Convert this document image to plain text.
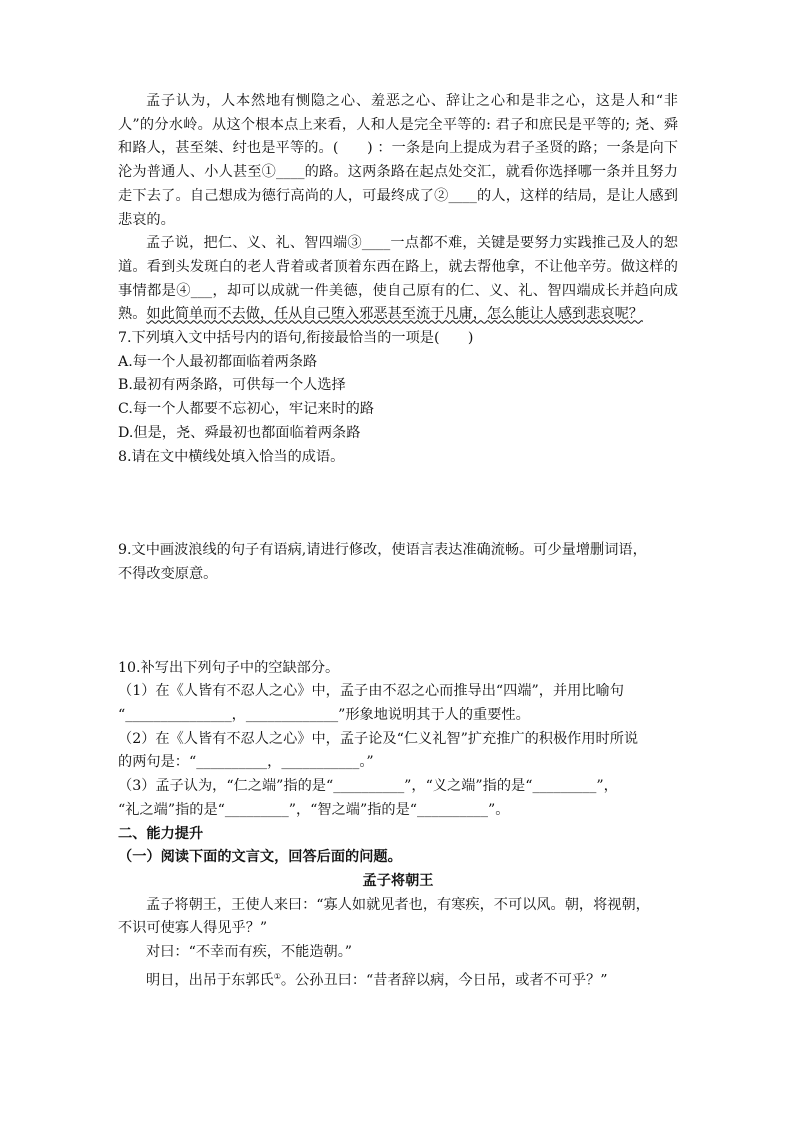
孟子认为，人本然地有恻隐之心、羞恶之心、辞让之心和是非之心，这是人和“非人”的分水岭。从这个根本点上来看，人和人是完全平等的: 君子和庶民是平等的; 尧、舜和路人，甚至桀、纣也是平等的。(　　) ：一条是向上提成为君子圣贤的路；一条是向下沦为普通人、小人甚至①____的路。这两条路在起点处交汇，就看你选择哪一条并且努力走下去了。自己想成为德行高尚的人，可最终成了②____的人，这样的结局，是让人感到悲哀的。

孟子说，把仁、义、礼、智四端③____一点都不难，关键是要努力实践推己及人的恕道。看到头发斑白的老人背着或者顶着东西在路上，就去帮他拿，不让他辛劳。做这样的事情都是④___，却可以成就一件美德，使自己原有的仁、义、礼、智四端成长并趋向成熟。如此简单而不去做，任从自己堕入邪恶甚至流于凡庸，怎么能让人感到悲哀呢？

7.下列填入文中括号内的语句,衔接最恰当的一项是(　　)

A.每一个人最初都面临着两条路

B.最初有两条路，可供每一个人选择

C.每一个人都要不忘初心，牢记来时的路

D.但是，尧、舜最初也都面临着两条路

8.请在文中横线处填入恰当的成语。

9.文中画波浪线的句子有语病,请进行修改，使语言表达准确流畅。可少量增删词语，

不得改变原意。

10.补写出下列句子中的空缺部分。

（1）在《人皆有不忍人之心》中，孟子由不忍之心而推导出“四端”，并用比喻句

“_______________，_____________”形象地说明其于人的重要性。

（2）在《人皆有不忍人之心》中，孟子论及“仁义礼智”扩充推广的积极作用时所说

的两句是：“__________，___________。”

（3）孟子认为，“仁之端”指的是“__________”，“义之端”指的是“_________”，

“礼之端”指的是“_________”，“智之端”指的是“__________”。

二、能力提升

（一）阅读下面的文言文，回答后面的问题。

孟子将朝王

孟子将朝王，王使人来曰：“寡人如就见者也，有寒疾，不可以风。朝，将视朝，

不识可使寡人得见乎？”

对曰：“不幸而有疾，不能造朝。”

明日，出吊于东郭氏①。公孙丑曰：“昔者辞以病，今日吊，或者不可乎？”
